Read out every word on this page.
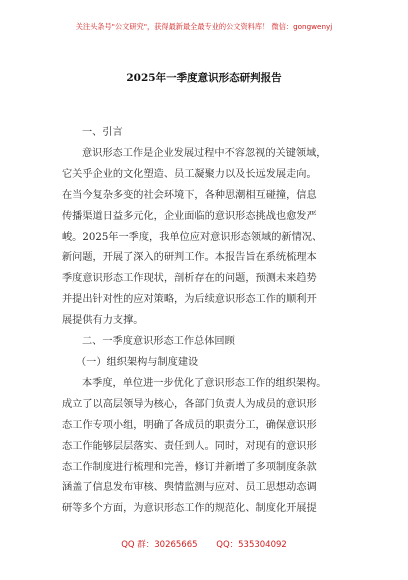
关注头条号"公文研究"，获得最新最全最专业的公文资料库！ 微信：gongwenyj
2025年一季度意识形态研判报告
一、引言
意识形态工作是企业发展过程中不容忽视的关键领域，
它关乎企业的文化塑造、员工凝聚力以及长远发展走向。
在当今复杂多变的社会环境下，各种思潮相互碰撞，信息
传播渠道日益多元化，企业面临的意识形态挑战也愈发严
峻。2025年一季度，我单位应对意识形态领域的新情况、
新问题，开展了深入的研判工作。本报告旨在系统梳理本
季度意识形态工作现状，剖析存在的问题，预测未来趋势
并提出针对性的应对策略，为后续意识形态工作的顺利开
展提供有力支撑。
二、一季度意识形态工作总体回顾
（一）组织架构与制度建设
本季度，单位进一步优化了意识形态工作的组织架构。
成立了以高层领导为核心，各部门负责人为成员的意识形
态工作专项小组，明确了各成员的职责分工，确保意识形
态工作能够层层落实、责任到人。同时，对现有的意识形
态工作制度进行梳理和完善，修订并新增了多项制度条款
涵盖了信息发布审核、舆情监测与应对、员工思想动态调
研等多个方面，为意识形态工作的规范化、制度化开展提
QQ 群：30265665 QQ：535304092
